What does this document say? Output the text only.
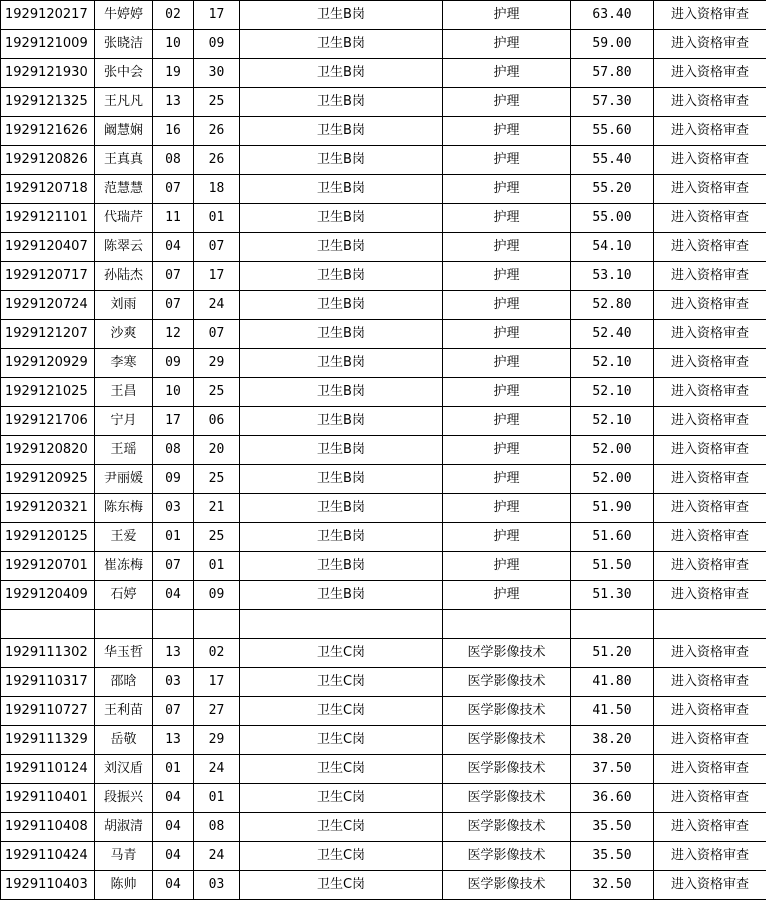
1929120217	牛婷婷	02	17	卫生B岗	护理	63.40	进入资格审查
1929121009	张晓洁	10	09	卫生B岗	护理	59.00	进入资格审查
1929121930	张中会	19	30	卫生B岗	护理	57.80	进入资格审查
1929121325	王凡凡	13	25	卫生B岗	护理	57.30	进入资格审查
1929121626	阚慧娴	16	26	卫生B岗	护理	55.60	进入资格审查
1929120826	王真真	08	26	卫生B岗	护理	55.40	进入资格审查
1929120718	范慧慧	07	18	卫生B岗	护理	55.20	进入资格审查
1929121101	代瑞芹	11	01	卫生B岗	护理	55.00	进入资格审查
1929120407	陈翠云	04	07	卫生B岗	护理	54.10	进入资格审查
1929120717	孙陆杰	07	17	卫生B岗	护理	53.10	进入资格审查
1929120724	刘雨	07	24	卫生B岗	护理	52.80	进入资格审查
1929121207	沙爽	12	07	卫生B岗	护理	52.40	进入资格审查
1929120929	李寒	09	29	卫生B岗	护理	52.10	进入资格审查
1929121025	王昌	10	25	卫生B岗	护理	52.10	进入资格审查
1929121706	宁月	17	06	卫生B岗	护理	52.10	进入资格审查
1929120820	王瑶	08	20	卫生B岗	护理	52.00	进入资格审查
1929120925	尹丽媛	09	25	卫生B岗	护理	52.00	进入资格审查
1929120321	陈东梅	03	21	卫生B岗	护理	51.90	进入资格审查
1929120125	王爱	01	25	卫生B岗	护理	51.60	进入资格审查
1929120701	崔冻梅	07	01	卫生B岗	护理	51.50	进入资格审查
1929120409	石婷	04	09	卫生B岗	护理	51.30	进入资格审查

1929111302	华玉哲	13	02	卫生C岗	医学影像技术	51.20	进入资格审查
1929110317	邵晗	03	17	卫生C岗	医学影像技术	41.80	进入资格审查
1929110727	王利苗	07	27	卫生C岗	医学影像技术	41.50	进入资格审查
1929111329	岳敬	13	29	卫生C岗	医学影像技术	38.20	进入资格审查
1929110124	刘汉盾	01	24	卫生C岗	医学影像技术	37.50	进入资格审查
1929110401	段振兴	04	01	卫生C岗	医学影像技术	36.60	进入资格审查
1929110408	胡淑清	04	08	卫生C岗	医学影像技术	35.50	进入资格审查
1929110424	马青	04	24	卫生C岗	医学影像技术	35.50	进入资格审查
1929110403	陈帅	04	03	卫生C岗	医学影像技术	32.50	进入资格审查
